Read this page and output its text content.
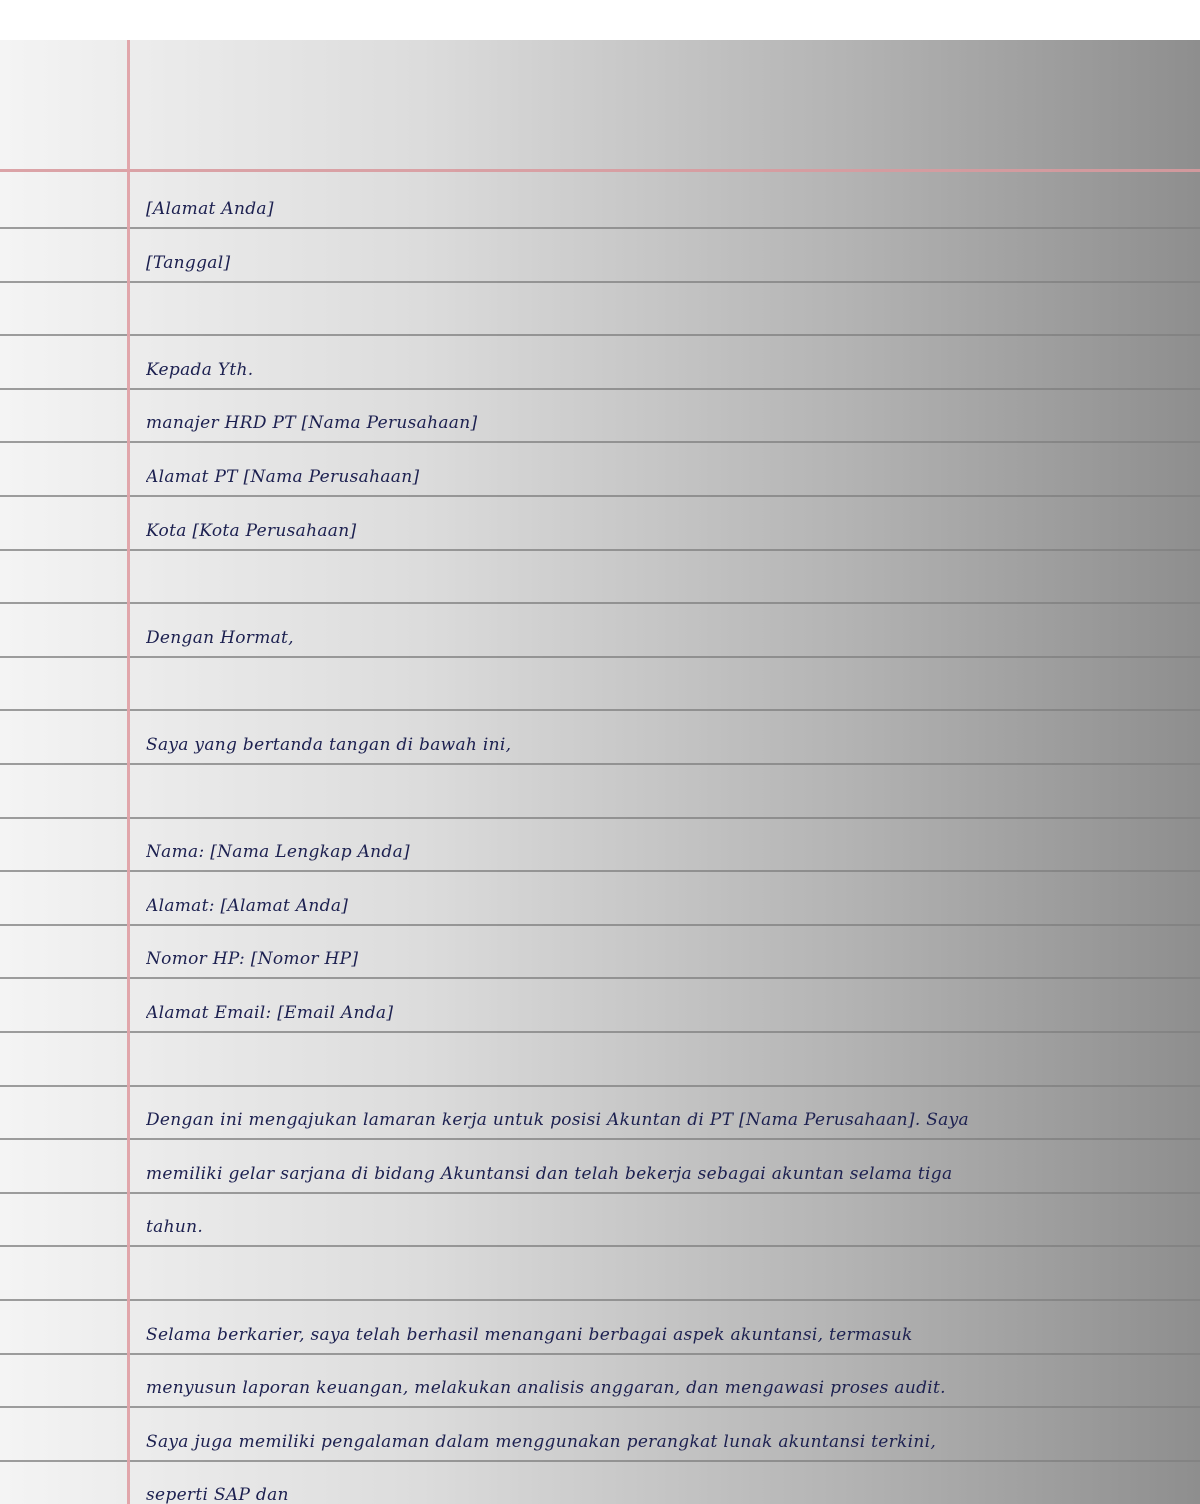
[Alamat Anda]
[Tanggal]
Kepada Yth.
manajer HRD PT [Nama Perusahaan]
Alamat PT [Nama Perusahaan]
Kota [Kota Perusahaan]
Dengan Hormat,
Saya yang bertanda tangan di bawah ini,
Nama: [Nama Lengkap Anda]
Alamat: [Alamat Anda]
Nomor HP: [Nomor HP]
Alamat Email: [Email Anda]
Dengan ini mengajukan lamaran kerja untuk posisi Akuntan di PT [Nama Perusahaan]. Saya
memiliki gelar sarjana di bidang Akuntansi dan telah bekerja sebagai akuntan selama tiga
tahun.
Selama berkarier, saya telah berhasil menangani berbagai aspek akuntansi, termasuk
menyusun laporan keuangan, melakukan analisis anggaran, dan mengawasi proses audit.
Saya juga memiliki pengalaman dalam menggunakan perangkat lunak akuntansi terkini,
seperti SAP dan
